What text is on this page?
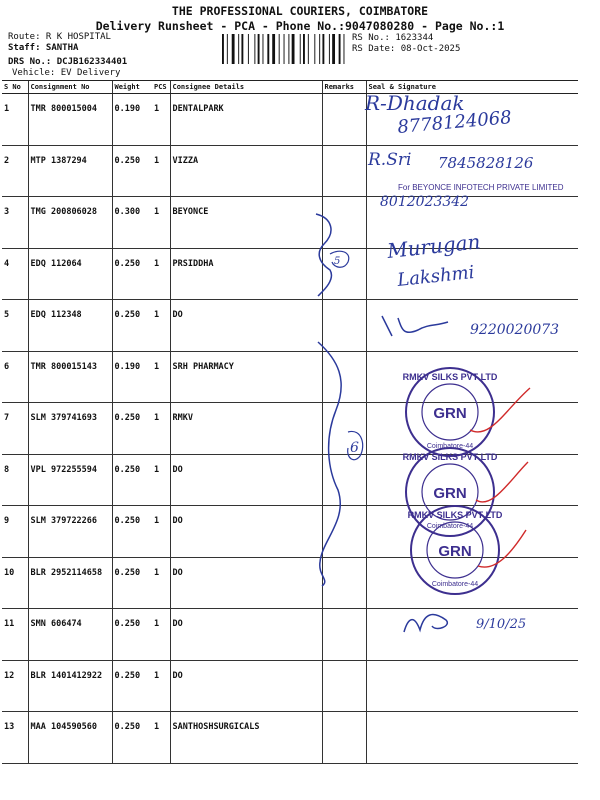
THE PROFESSIONAL COURIERS, COIMBATORE
Delivery Runsheet - PCA - Phone No.:9047080280 - Page No.:1
Route: R K HOSPITAL
Staff: SANTHA
DRS No.: DCJB162334401
Vehicle: EV Delivery
RS No.: 1623344
RS Date: 08-Oct-2025
S No	Consignment No	Weight	PCS	Consignee Details	Remarks	Seal & Signature
1	TMR 800015004	0.190	1	DENTALPARK		
2	MTP 1387294	0.250	1	VIZZA		
3	TMG 200806028	0.300	1	BEYONCE		
4	EDQ 112064	0.250	1	PRSIDDHA		
5	EDQ 112348	0.250	1	DO		
6	TMR 800015143	0.190	1	SRH PHARMACY		
7	SLM 379741693	0.250	1	RMKV		
8	VPL 972255594	0.250	1	DO		
9	SLM 379722266	0.250	1	DO		
10	BLR 2952114658	0.250	1	DO		
11	SMN 606474	0.250	1	DO		
12	BLR 1401412922	0.250	1	DO		
13	MAA 104590560	0.250	1	SANTHOSHSURGICALS		
R-Dhadak
8778124068
R.Sri 7845828126
For BEYONCE INFOTECH PRIVATE LIMITED
8012023342
5 Murugan
Lakshmi
9220020073
6
RMKV SILKS PVT LTD
GRN
Coimbatore-44
RMKV SILKS PVT LTD
GRN
Coimbatore-44
RMKV SILKS PVT LTD
GRN
Coimbatore-44
9/10/25
